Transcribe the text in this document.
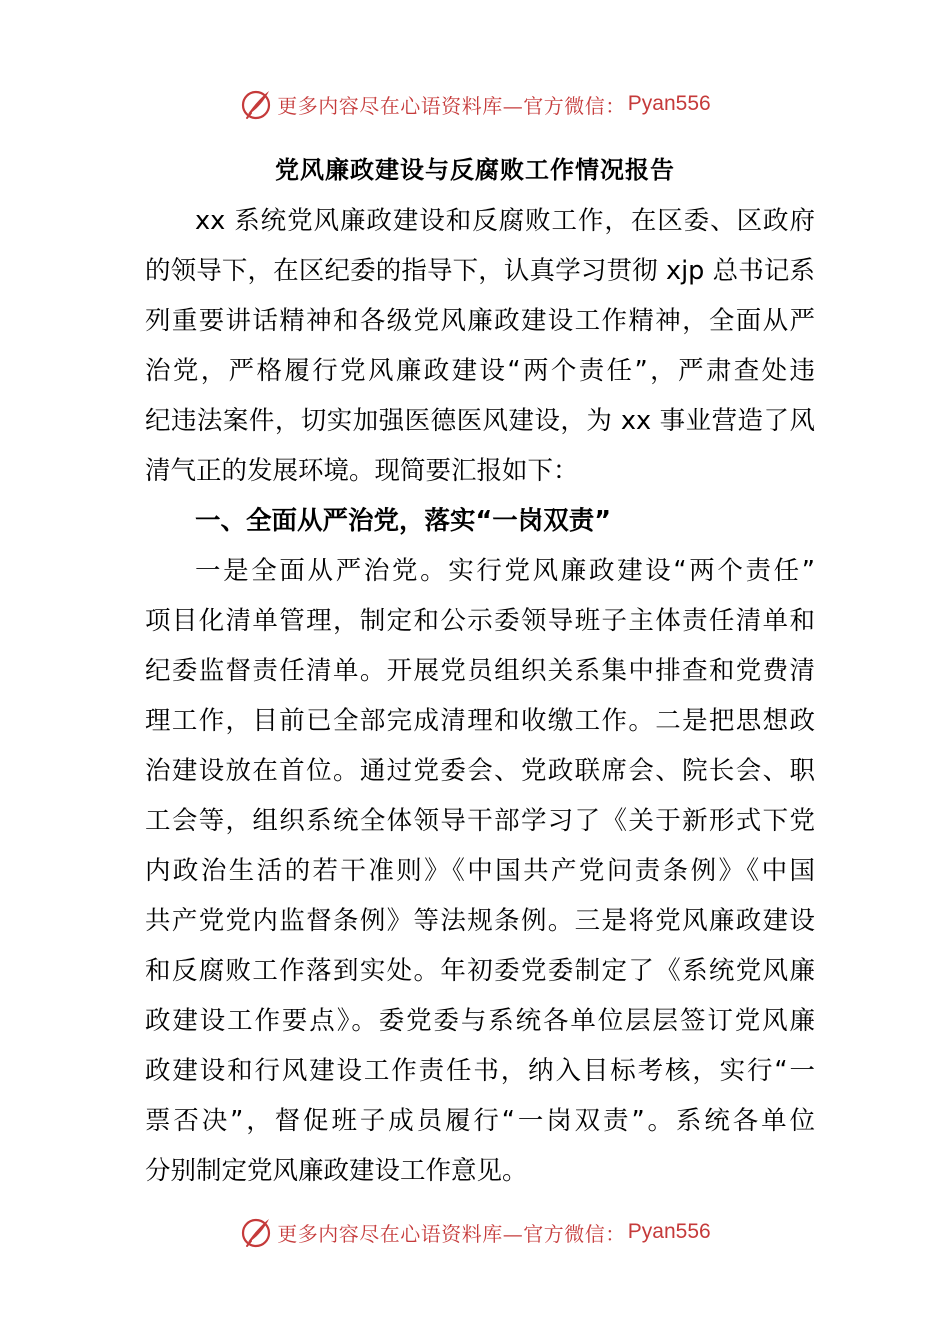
更多内容尽在心语资料库—官方微信： Pyan556
党风廉政建设与反腐败工作情况报告
xx 系统党风廉政建设和反腐败工作，在区委、区政府
的领导下，在区纪委的指导下，认真学习贯彻 xjp 总书记系
列重要讲话精神和各级党风廉政建设工作精神，全面从严
治党，严格履行党风廉政建设“两个责任”，严肃查处违
纪违法案件，切实加强医德医风建设，为 xx 事业营造了风
清气正的发展环境。现简要汇报如下：
一、全面从严治党，落实“一岗双责”
一是全面从严治党。实行党风廉政建设“两个责任”
项目化清单管理，制定和公示委领导班子主体责任清单和
纪委监督责任清单。开展党员组织关系集中排查和党费清
理工作，目前已全部完成清理和收缴工作。二是把思想政
治建设放在首位。通过党委会、党政联席会、院长会、职
工会等，组织系统全体领导干部学习了《关于新形式下党
内政治生活的若干准则》《中国共产党问责条例》《中国
共产党党内监督条例》等法规条例。三是将党风廉政建设
和反腐败工作落到实处。年初委党委制定了《系统党风廉
政建设工作要点》。委党委与系统各单位层层签订党风廉
政建设和行风建设工作责任书，纳入目标考核，实行“一
票否决”，督促班子成员履行“一岗双责”。系统各单位
分别制定党风廉政建设工作意见。
更多内容尽在心语资料库—官方微信： Pyan556
